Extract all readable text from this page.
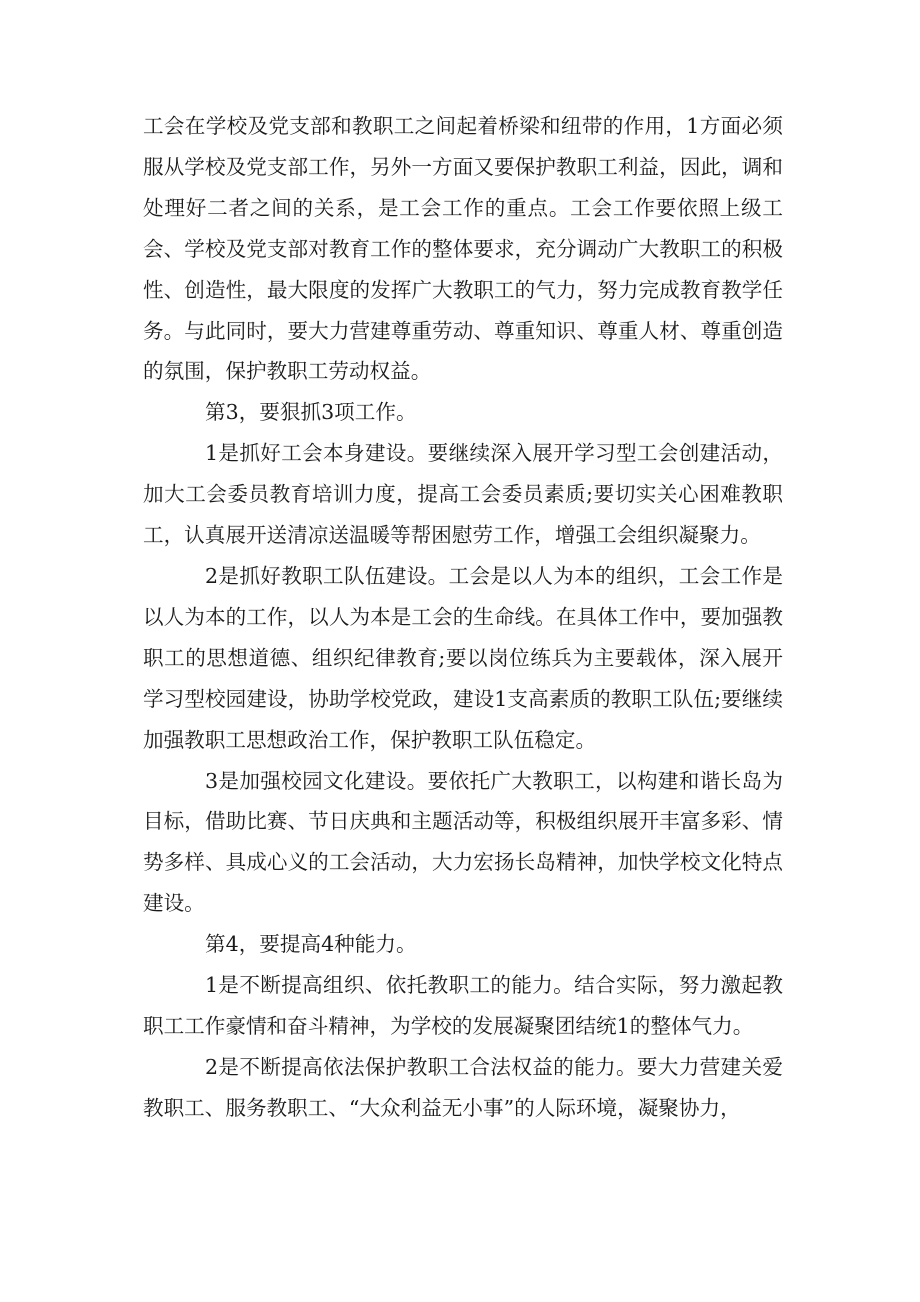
工会在学校及党支部和教职工之间起着桥梁和纽带的作用，1方面必须服从学校及党支部工作，另外一方面又要保护教职工利益，因此，调和处理好二者之间的关系，是工会工作的重点。工会工作要依照上级工会、学校及党支部对教育工作的整体要求，充分调动广大教职工的积极性、创造性，最大限度的发挥广大教职工的气力，努力完成教育教学任务。与此同时，要大力营建尊重劳动、尊重知识、尊重人材、尊重创造的氛围，保护教职工劳动权益。

第3，要狠抓3项工作。

1是抓好工会本身建设。要继续深入展开学习型工会创建活动，加大工会委员教育培训力度，提高工会委员素质;要切实关心困难教职工，认真展开送清凉送温暖等帮困慰劳工作，增强工会组织凝聚力。

2是抓好教职工队伍建设。工会是以人为本的组织，工会工作是以人为本的工作，以人为本是工会的生命线。在具体工作中，要加强教职工的思想道德、组织纪律教育;要以岗位练兵为主要载体，深入展开学习型校园建设，协助学校党政，建设1支高素质的教职工队伍;要继续加强教职工思想政治工作，保护教职工队伍稳定。

3是加强校园文化建设。要依托广大教职工，以构建和谐长岛为目标，借助比赛、节日庆典和主题活动等，积极组织展开丰富多彩、情势多样、具成心义的工会活动，大力宏扬长岛精神，加快学校文化特点建设。

第4，要提高4种能力。

1是不断提高组织、依托教职工的能力。结合实际，努力激起教职工工作豪情和奋斗精神，为学校的发展凝聚团结统1的整体气力。

2是不断提高依法保护教职工合法权益的能力。要大力营建关爱教职工、服务教职工、“大众利益无小事”的人际环境，凝聚协力，
